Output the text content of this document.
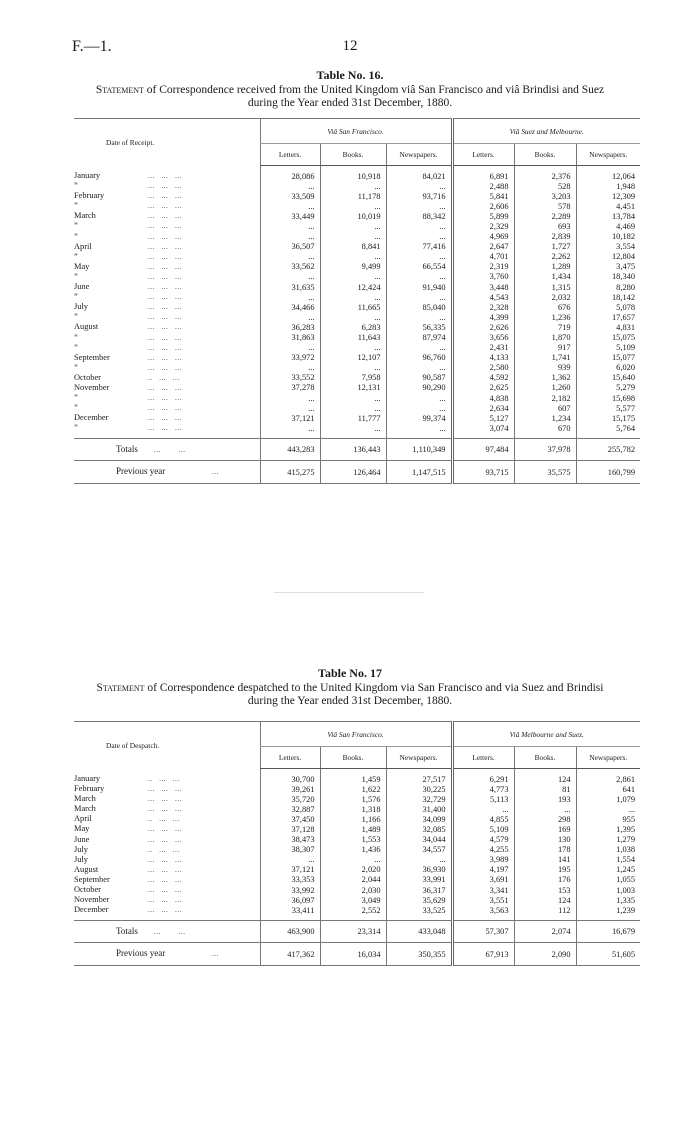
F.—1.	12
Table No. 16.
Statement of Correspondence received from the United Kingdom viâ San Francisco and viâ Brindisi and Suez during the Year ended 31st December, 1880.
Date of Receipt.	Viâ San Francisco.			Viâ Suez and Melbourne.		
	Letters.	Books.	Newspapers.	Letters.	Books.	Newspapers.

January ...   ...   ...	28,086	10,918	84,021	6,891	2,376	12,064
” ...   ...   ...	...	...	...	2,488	528	1,948
February ...   ...   ...	33,509	11,178	93,716	5,841	3,203	12,309
” ...   ...   ...	...	...	...	2,606	578	4,451
March ...   ...   ...	33,449	10,019	88,342	5,899	2,289	13,784
” ...   ...   ...	...	...	...	2,329	693	4,469
” ...   ...   ...	...	...	...	4,969	2,839	10,182
April ...   ...   ...	36,507	8,841	77,416	2,647	1,727	3,554
” ...   ...   ...	...	...	...	4,701	2,262	12,804
May ...   ...   ...	33,562	9,499	66,554	2,319	1,289	3,475
” ...   ...   ...	...	...	...	3,760	1,434	18,340
June ...   ...   ...	31,635	12,424	91,940	3,448	1,315	8,280
” ...   ...   ...	...	...	...	4,543	2,032	18,142
July ...   ...   ...	34,466	11,665	85,040	2,328	676	5,078
” ...   ...   ...	...	...	...	4,399	1,236	17,657
August ...   ...   ...	36,283	6,283	56,335	2,626	719	4,831
” ...   ...   ...	31,863	11,643	87,974	3,656	1,870	15,075
” ...   ...   ...	...	...	...	2,431	917	5,109
September ...   ...   ...	33,972	12,107	96,760	4,133	1,741	15,077
” ...   ...   ...	...	...	...	2,580	939	6,020
October ..   ...   ...	33,552	7,958	90,587	4,592	1,362	15,640
November ...   ...   ...	37,278	12,131	90,290	2,625	1,260	5,279
” ...   ...   ...	...	...	...	4,838	2,182	15,698
” ...   ...   ...	...	...	...	2,634	607	5,577
December ...   ...   ...	37,121	11,777	99,374	5,127	1,234	15,175
” ...   ...   ...	...	...	...	3,074	670	5,764

Totals ...        ...	443,283	136,443	1,110,349	97,484	37,978	255,782
Previous year ...	415,275	126,464	1,147,515	93,715	35,575	160,799
Table No. 17
Statement of Correspondence despatched to the United Kingdom via San Francisco and via Suez and Brindisi during the Year ended 31st December, 1880.
Date of Despatch.	Viâ San Francisco.			Viâ Melbourne and Suez.		
	Letters.	Books.	Newspapers.	Letters.	Books.	Newspapers.

January ..   ...   ...	30,700	1,459	27,517	6,291	124	2,861
February ...   ...   ...	39,261	1,622	30,225	4,773	81	641
March ...   ...   ...	35,720	1,576	32,729	5,113	193	1,079
March ...   ...   ...	32,887	1,318	31,400	...	...	...
April ..   ...   ...	37,450	1,166	34,099	4,855	298	955
May ...   ...   ...	37,128	1,489	32,085	5,109	169	1,395
June ...   ...   ...	38,473	1,553	34,044	4,579	130	1,279
July ..   ...   ...	38,307	1,436	34,557	4,255	178	1,038
July ...   ...   ...	...	...	...	3,989	141	1,554
August ...   ...   ...	37,121	2,020	36,930	4,197	195	1,245
September ...   ...   ...	33,353	2,044	33,991	3,691	176	1,055
October ...   ...   ...	33,992	2,030	36,317	3,341	153	1,003
November ...   ...   ...	36,097	3,049	35,629	3,551	124	1,335
December ...   ...   ...	33,411	2,552	33,525	3,563	112	1,239

Totals ...        ...	463,900	23,314	433,048	57,307	2,074	16,679
Previous year ...	417,362	16,034	350,355	67,913	2,090	51,605
